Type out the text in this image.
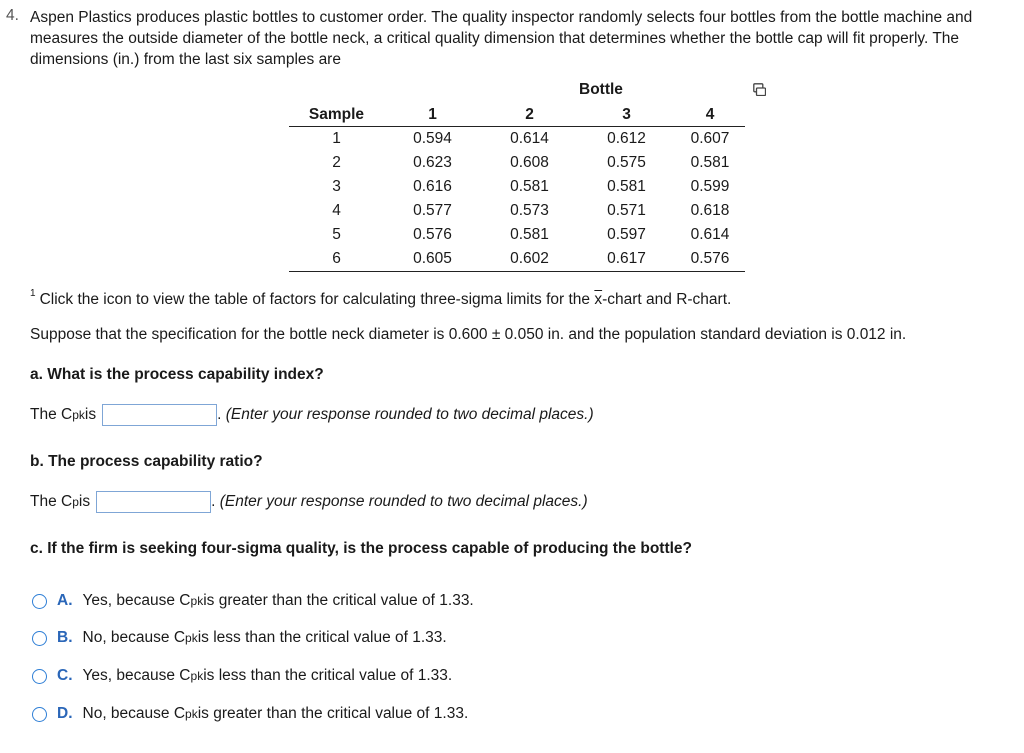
4. Aspen Plastics produces plastic bottles to customer order. The quality inspector randomly selects four bottles from the bottle machine and measures the outside diameter of the bottle neck, a critical quality dimension that determines whether the bottle cap will fit properly. The dimensions (in.) from the last six samples are
Bottle
Sample	1	2	3	4
1	0.594	0.614	0.612	0.607
2	0.623	0.608	0.575	0.581
3	0.616	0.581	0.581	0.599
4	0.577	0.573	0.571	0.618
5	0.576	0.581	0.597	0.614
6	0.605	0.602	0.617	0.576
$^1$ Click the icon to view the table of factors for calculating three-sigma limits for the $\overline{x}$-chart and R-chart.
Suppose that the specification for the bottle neck diameter is 0.600 ± 0.050 in. and the population standard deviation is 0.012 in.
a. What is the process capability index?
The C pk is	. (Enter your response rounded to two decimal places.)
b. The process capability ratio?
The C p is	. (Enter your response rounded to two decimal places.)
c. If the firm is seeking four-sigma quality, is the process capable of producing the bottle?
A. Yes, because C pk is greater than the critical value of 1.33.
B. No, because C pk is less than the critical value of 1.33.
C. Yes, because C pk is less than the critical value of 1.33.
D. No, because C pk is greater than the critical value of 1.33.
